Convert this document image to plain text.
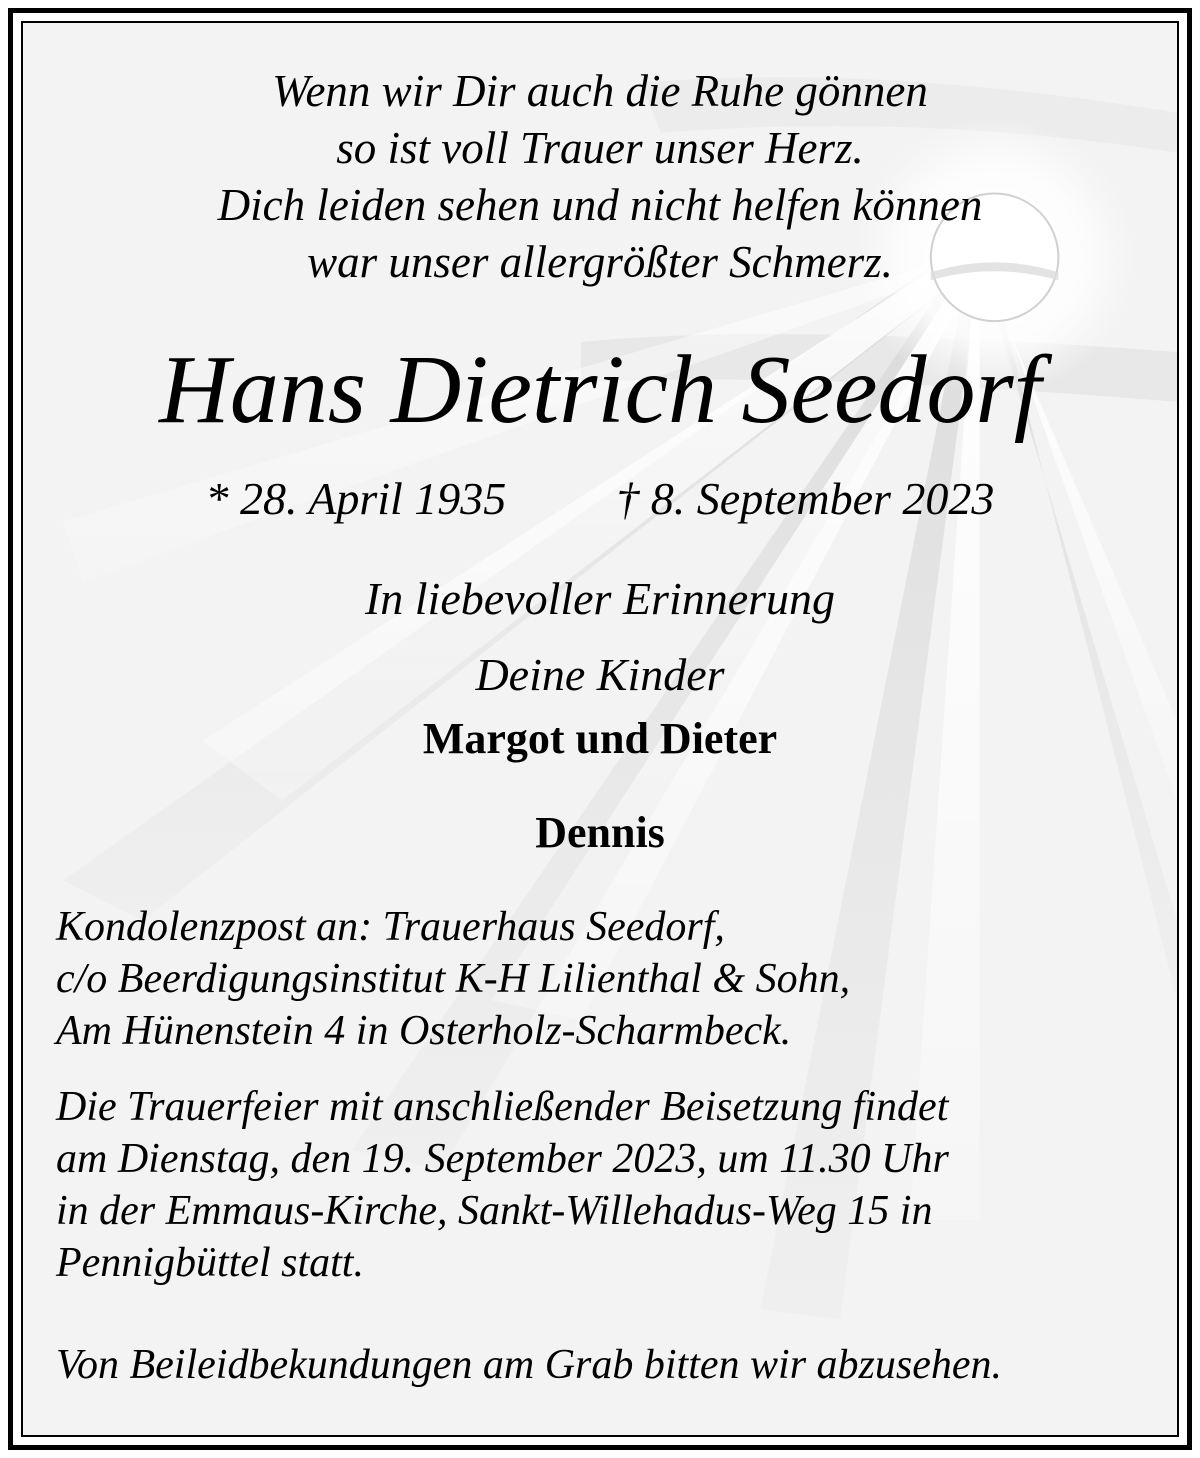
Wenn wir Dir auch die Ruhe gönnen
so ist voll Trauer unser Herz.
Dich leiden sehen und nicht helfen können
war unser allergrößter Schmerz.
Hans Dietrich Seedorf
* 28. April 1935 † 8. September 2023
In liebevoller Erinnerung
Deine Kinder
Margot und Dieter
Dennis
Kondolenzpost an: Trauerhaus Seedorf,
c/o Beerdigungsinstitut K-H Lilienthal & Sohn,
Am Hünenstein 4 in Osterholz-Scharmbeck.
Die Trauerfeier mit anschließender Beisetzung findet
am Dienstag, den 19. September 2023, um 11.30 Uhr
in der Emmaus-Kirche, Sankt-Willehadus-Weg 15 in
Pennigbüttel statt.
Von Beileidbekundungen am Grab bitten wir abzusehen.
